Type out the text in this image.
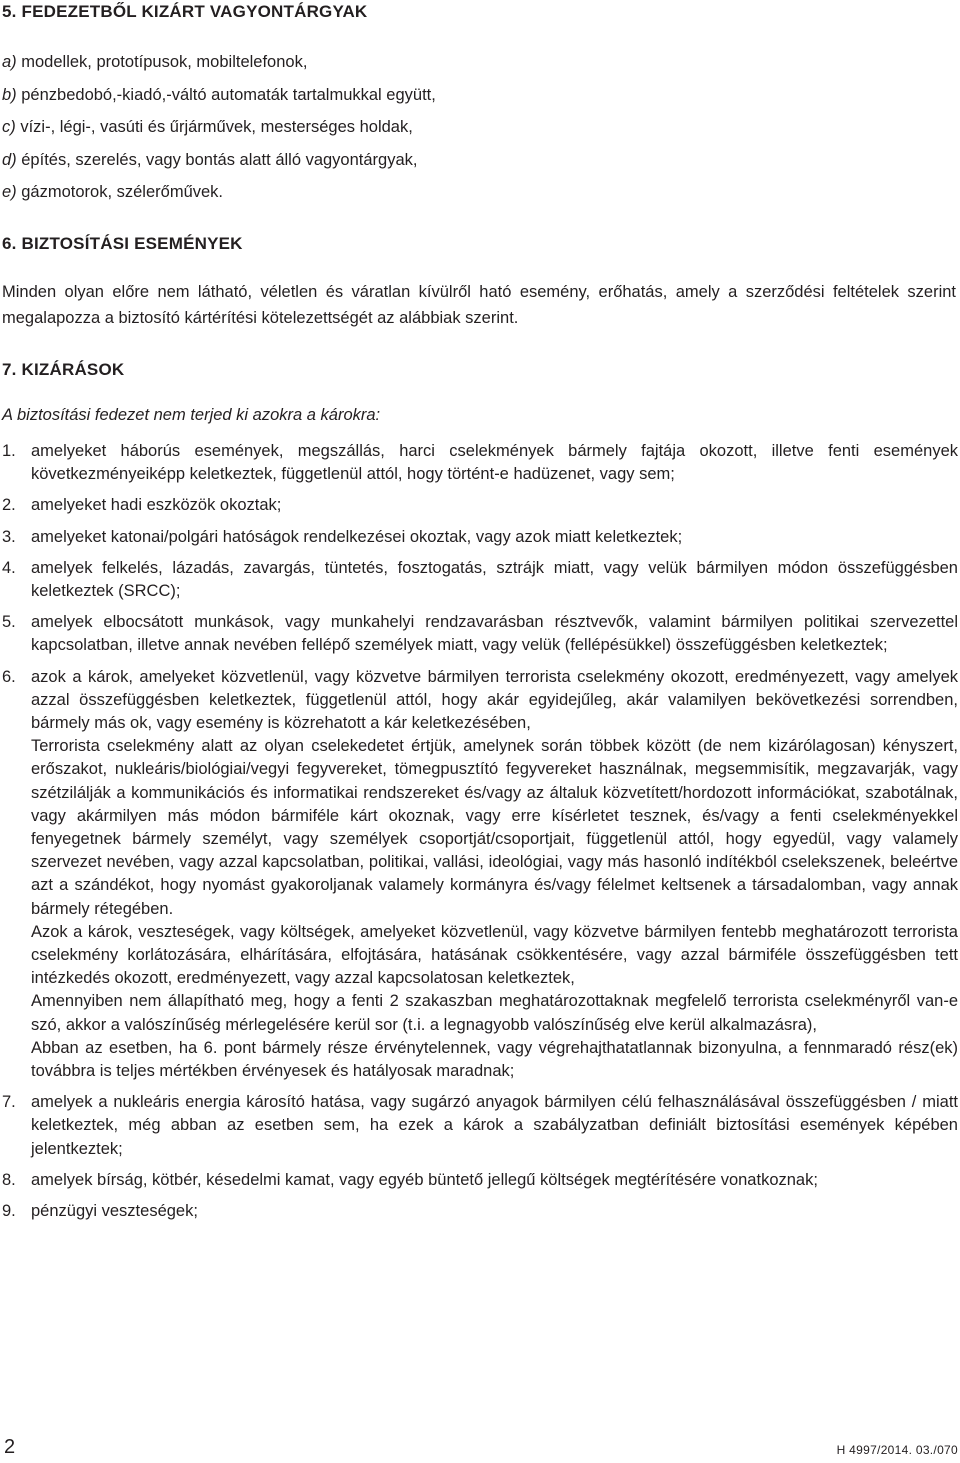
5. FEDEZETBŐL KIZÁRT VAGYONTÁRGYAK
a) modellek, prototípusok, mobiltelefonok,
b) pénzbedobó,-kiadó,-váltó automaták tartalmukkal együtt,
c) vízi-, légi-, vasúti és űrjárművek, mesterséges holdak,
d) építés, szerelés, vagy bontás alatt álló vagyontárgyak,
e) gázmotorok, szélerőművek.
6. BIZTOSÍTÁSI ESEMÉNYEK

Minden olyan előre nem látható, véletlen és váratlan kívülről ható esemény, erőhatás, amely a szerződési feltételek szerint megalapozza a biztosító kártérítési kötelezettségét az alábbiak szerint.

7. KIZÁRÁSOK

A biztosítási fedezet nem terjed ki azokra a károkra:

1. amelyeket háborús események, megszállás, harci cselekmények bármely fajtája okozott, illetve fenti események következményeiképp keletkeztek, függetlenül attól, hogy történt-e hadüzenet, vagy sem;
2. amelyeket hadi eszközök okoztak;
3. amelyeket katonai/polgári hatóságok rendelkezései okoztak, vagy azok miatt keletkeztek;
4. amelyek felkelés, lázadás, zavargás, tüntetés, fosztogatás, sztrájk miatt, vagy velük bármilyen módon összefüggésben keletkeztek (SRCC);
5. amelyek elbocsátott munkások, vagy munkahelyi rendzavarásban résztvevők, valamint bármilyen politikai szervezettel kapcsolatban, illetve annak nevében fellépő személyek miatt, vagy velük (fellépésükkel) összefüggésben keletkeztek;
6. azok a károk, amelyeket közvetlenül, vagy közvetve bármilyen terrorista cselekmény okozott, eredményezett, vagy amelyek azzal összefüggésben keletkeztek, függetlenül attól, hogy akár egyidejűleg, akár valamilyen bekövetkezési sorrendben, bármely más ok, vagy esemény is közrehatott a kár keletkezésében,
Terrorista cselekmény alatt az olyan cselekedetet értjük, amelynek során többek között (de nem kizárólagosan) kényszert, erőszakot, nukleáris/biológiai/vegyi fegyvereket, tömegpusztító fegyvereket használnak, megsemmisítik, megzavarják, vagy szétzilálják a kommunikációs és informatikai rendszereket és/vagy az általuk közvetített/hordozott információkat, szabotálnak, vagy akármilyen más módon bármiféle kárt okoznak, vagy erre kísérletet tesznek, és/vagy a fenti cselekményekkel fenyegetnek bármely személyt, vagy személyek csoportját/csoportjait, függetlenül attól, hogy egyedül, vagy valamely szervezet nevében, vagy azzal kapcsolatban, politikai, vallási, ideológiai, vagy más hasonló indítékból cselekszenek, beleértve azt a szándékot, hogy nyomást gyakoroljanak valamely kormányra és/vagy félelmet keltsenek a társadalomban, vagy annak bármely rétegében.
Azok a károk, veszteségek, vagy költségek, amelyeket közvetlenül, vagy közvetve bármilyen fentebb meghatározott terrorista cselekmény korlátozására, elhárítására, elfojtására, hatásának csökkentésére, vagy azzal bármiféle összefüggésben tett intézkedés okozott, eredményezett, vagy azzal kapcsolatosan keletkeztek,
Amennyiben nem állapítható meg, hogy a fenti 2 szakaszban meghatározottaknak megfelelő terrorista cselekményről van-e szó, akkor a valószínűség mérlegelésére kerül sor (t.i. a legnagyobb valószínűség elve kerül alkalmazásra),
Abban az esetben, ha 6. pont bármely része érvénytelennek, vagy végrehajthatatlannak bizonyulna, a fennmaradó rész(ek) továbbra is teljes mértékben érvényesek és hatályosak maradnak;
7. amelyek a nukleáris energia károsító hatása, vagy sugárzó anyagok bármilyen célú felhasználásával összefüggésben / miatt keletkeztek, még abban az esetben sem, ha ezek a károk a szabályzatban definiált biztosítási események képében jelentkeztek;
8. amelyek bírság, kötbér, késedelmi kamat, vagy egyéb büntető jellegű költségek megtérítésére vonatkoznak;
9. pénzügyi veszteségek;
2	H 4997/2014. 03./070
